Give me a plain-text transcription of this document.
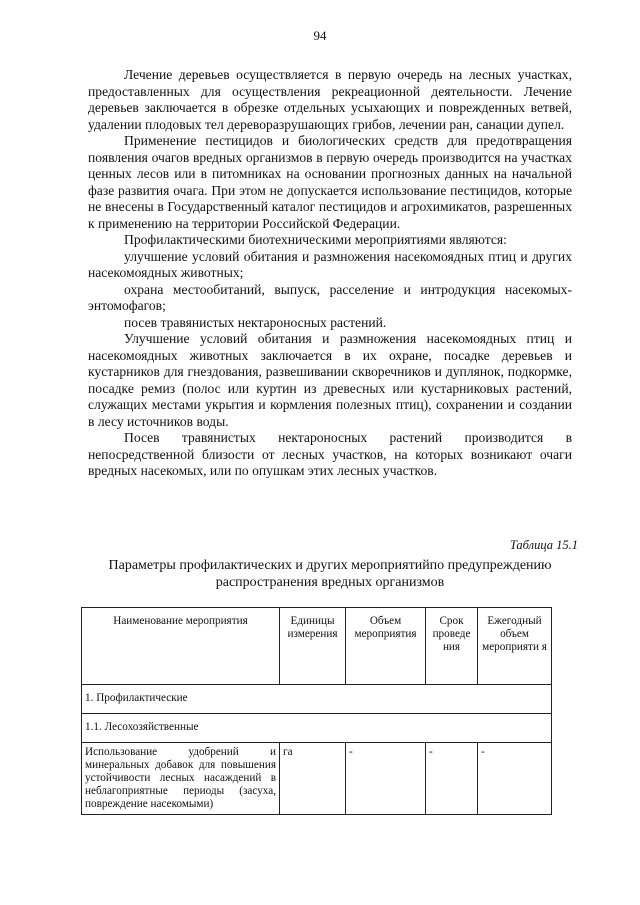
94

Лечение деревьев осуществляется в первую очередь на лесных участках, предоставленных для осуществления рекреационной деятельности. Лечение деревьев заключается в обрезке отдельных усыхающих и поврежденных ветвей, удалении плодовых тел дереворазрушающих грибов, лечении ран, санации дупел.

Применение пестицидов и биологических средств для предотвращения появления очагов вредных организмов в первую очередь производится на участках ценных лесов или в питомниках на основании прогнозных данных на начальной фазе развития очага. При этом не допускается использование пестицидов, которые не внесены в Государственный каталог пестицидов и агрохимикатов, разрешенных к применению на территории Российской Федерации.

Профилактическими биотехническими мероприятиями являются:

улучшение условий обитания и размножения насекомоядных птиц и других насекомоядных животных;

охрана местообитаний, выпуск, расселение и интродукция насекомых-энтомофагов;

посев травянистых нектароносных растений.

Улучшение условий обитания и размножения насекомоядных птиц и насекомоядных животных заключается в их охране, посадке деревьев и кустарников для гнездования, развешивании скворечников и дуплянок, подкормке, посадке ремиз (полос или куртин из древесных или кустарниковых растений, служащих местами укрытия и кормления полезных птиц), сохранении и создании в лесу источников воды.

Посев травянистых нектароносных растений производится в непосредственной близости от лесных участков, на которых возникают очаги вредных насекомых, или по опушкам этих лесных участков.

Таблица 15.1
Параметры профилактических и других мероприятийпо предупреждению распространения вредных организмов
Наименование мероприятия	Единицы измерения	Объем мероприятия	Срок проведе ния	Ежегодный объем мероприяти я
1. Профилактические				
1.1. Лесохозяйственные				
Использование удобрений и минеральных добавок для повышения устойчивости лесных насаждений в неблагоприятные периоды (засуха, повреждение насекомыми)	га	-	-	-
